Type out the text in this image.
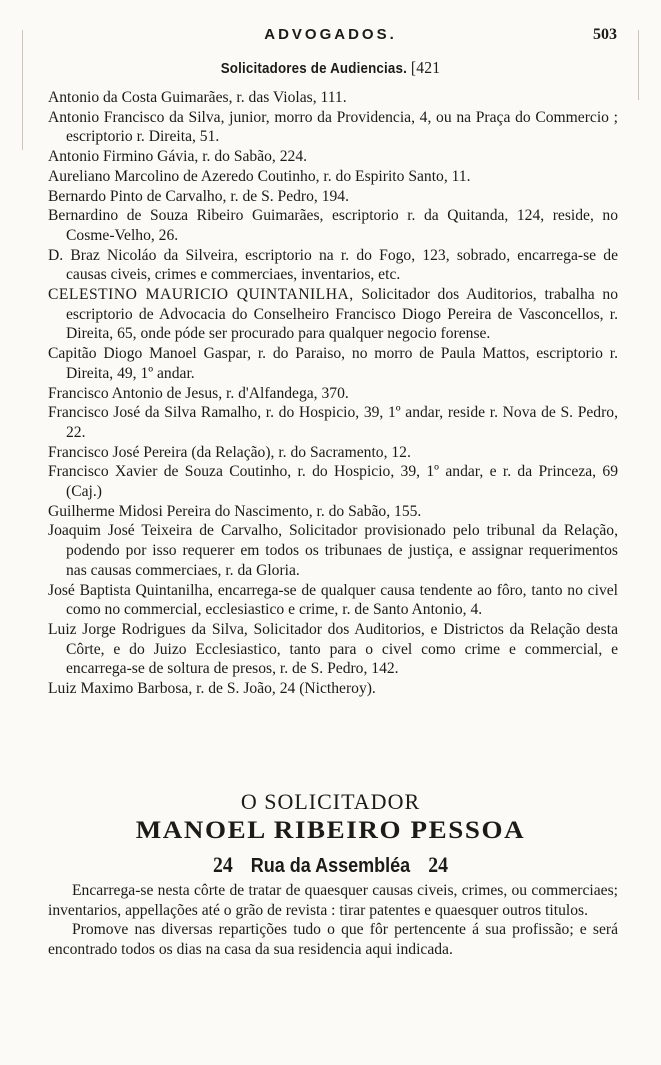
ADVOGADOS.	503
Solicitadores de Audiencias. [421

Antonio da Costa Guimarães, r. das Violas, 111.

Antonio Francisco da Silva, junior, morro da Providencia, 4, ou na Praça do Commercio ; escriptorio r. Direita, 51.

Antonio Firmino Gávia, r. do Sabão, 224.

Aureliano Marcolino de Azeredo Coutinho, r. do Espirito Santo, 11.

Bernardo Pinto de Carvalho, r. de S. Pedro, 194.

Bernardino de Souza Ribeiro Guimarães, escriptorio r. da Quitanda, 124, reside, no Cosme-Velho, 26.

D. Braz Nicoláo da Silveira, escriptorio na r. do Fogo, 123, sobrado, encarrega-se de causas civeis, crimes e commerciaes, inventarios, etc.

CELESTINO MAURICIO QUINTANILHA, Solicitador dos Auditorios, trabalha no escriptorio de Advocacia do Conselheiro Francisco Diogo Pereira de Vasconcellos, r. Direita, 65, onde póde ser procurado para qualquer negocio forense.

Capitão Diogo Manoel Gaspar, r. do Paraiso, no morro de Paula Mattos, escriptorio r. Direita, 49, 1º andar.

Francisco Antonio de Jesus, r. d'Alfandega, 370.

Francisco José da Silva Ramalho, r. do Hospicio, 39, 1º andar, reside r. Nova de S. Pedro, 22.

Francisco José Pereira (da Relação), r. do Sacramento, 12.

Francisco Xavier de Souza Coutinho, r. do Hospicio, 39, 1º andar, e r. da Princeza, 69 (Caj.)

Guilherme Midosi Pereira do Nascimento, r. do Sabão, 155.

Joaquim José Teixeira de Carvalho, Solicitador provisionado pelo tribunal da Relação, podendo por isso requerer em todos os tribunaes de justiça, e assignar requerimentos nas causas commerciaes, r. da Gloria.

José Baptista Quintanilha, encarrega-se de qualquer causa tendente ao fôro, tanto no civel como no commercial, ecclesiastico e crime, r. de Santo Antonio, 4.

Luiz Jorge Rodrigues da Silva, Solicitador dos Auditorios, e Districtos da Relação desta Côrte, e do Juizo Ecclesiastico, tanto para o civel como crime e commercial, e encarrega-se de soltura de presos, r. de S. Pedro, 142.

Luiz Maximo Barbosa, r. de S. João, 24 (Nictheroy).

O SOLICITADOR
MANOEL RIBEIRO PESSOA
24 Rua da Assembléa 24

Encarrega-se nesta côrte de tratar de quaesquer causas civeis, crimes, ou commerciaes; inventarios, appellações até o grão de revista : tirar patentes e quaesquer outros titulos.

Promove nas diversas repartições tudo o que fôr pertencente á sua profissão; e será encontrado todos os dias na casa da sua residencia aqui indicada.
